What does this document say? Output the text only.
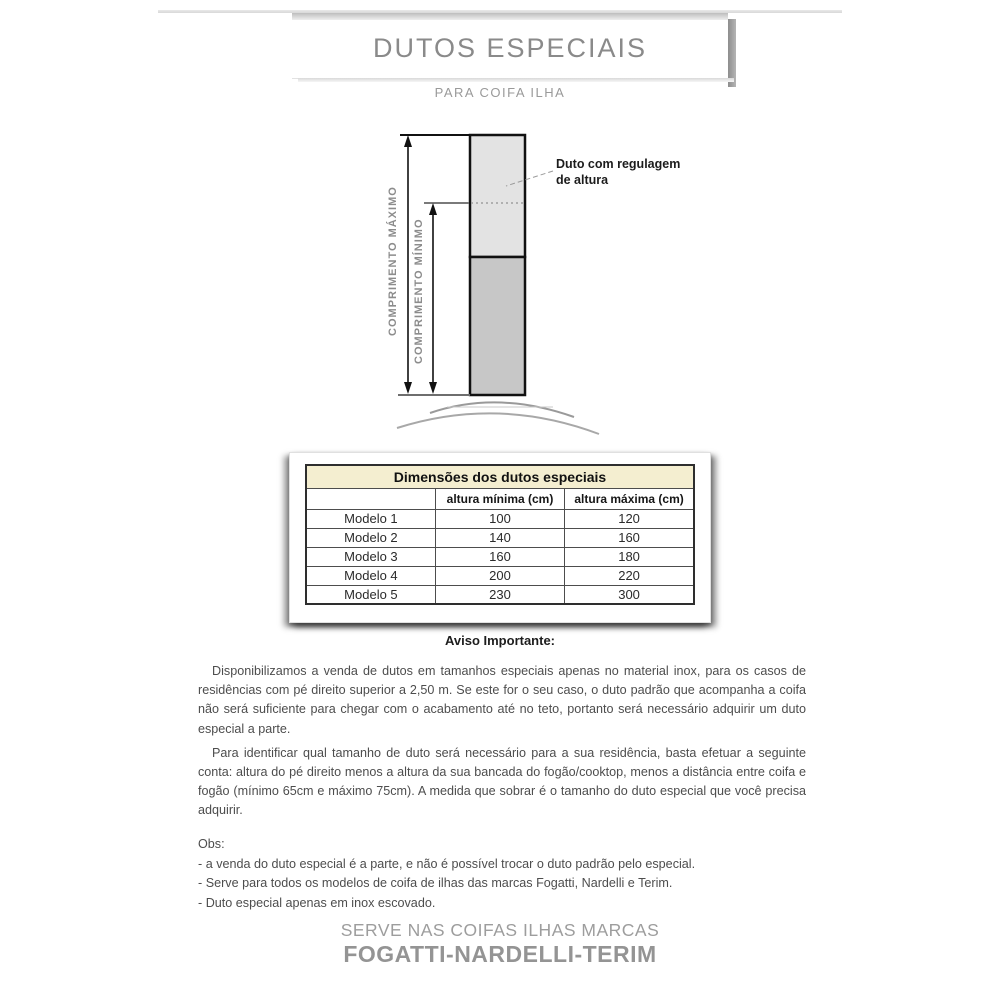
DUTOS ESPECIAIS
PARA COIFA ILHA
COMPRIMENTO MÁXIMO COMPRIMENTO MÍNIMO
Duto com regulagem
de altura
Dimensões dos dutos especiais		
	altura mínima (cm)	altura máxima (cm)
Modelo 1	100	120
Modelo 2	140	160
Modelo 3	160	180
Modelo 4	200	220
Modelo 5	230	300
Aviso Importante:

Disponibilizamos a venda de dutos em tamanhos especiais apenas no material inox, para os casos de residências com pé direito superior a 2,50 m. Se este for o seu caso, o duto padrão que acompanha a coifa não será suficiente para chegar com o acabamento até no teto, portanto será necessário adquirir um duto especial a parte.

Para identificar qual tamanho de duto será necessário para a sua residência, basta efetuar a seguinte conta: altura do pé direito menos a altura da sua bancada do fogão/cooktop, menos a distância entre coifa e fogão (mínimo 65cm e máximo 75cm). A medida que sobrar é o tamanho do duto especial que você precisa adquirir.

Obs:
- a venda do duto especial é a parte, e não é possível trocar o duto padrão pelo especial.
- Serve para todos os modelos de coifa de ilhas das marcas Fogatti, Nardelli e Terim.
- Duto especial apenas em inox escovado.
SERVE NAS COIFAS ILHAS MARCAS
FOGATTI-NARDELLI-TERIM
